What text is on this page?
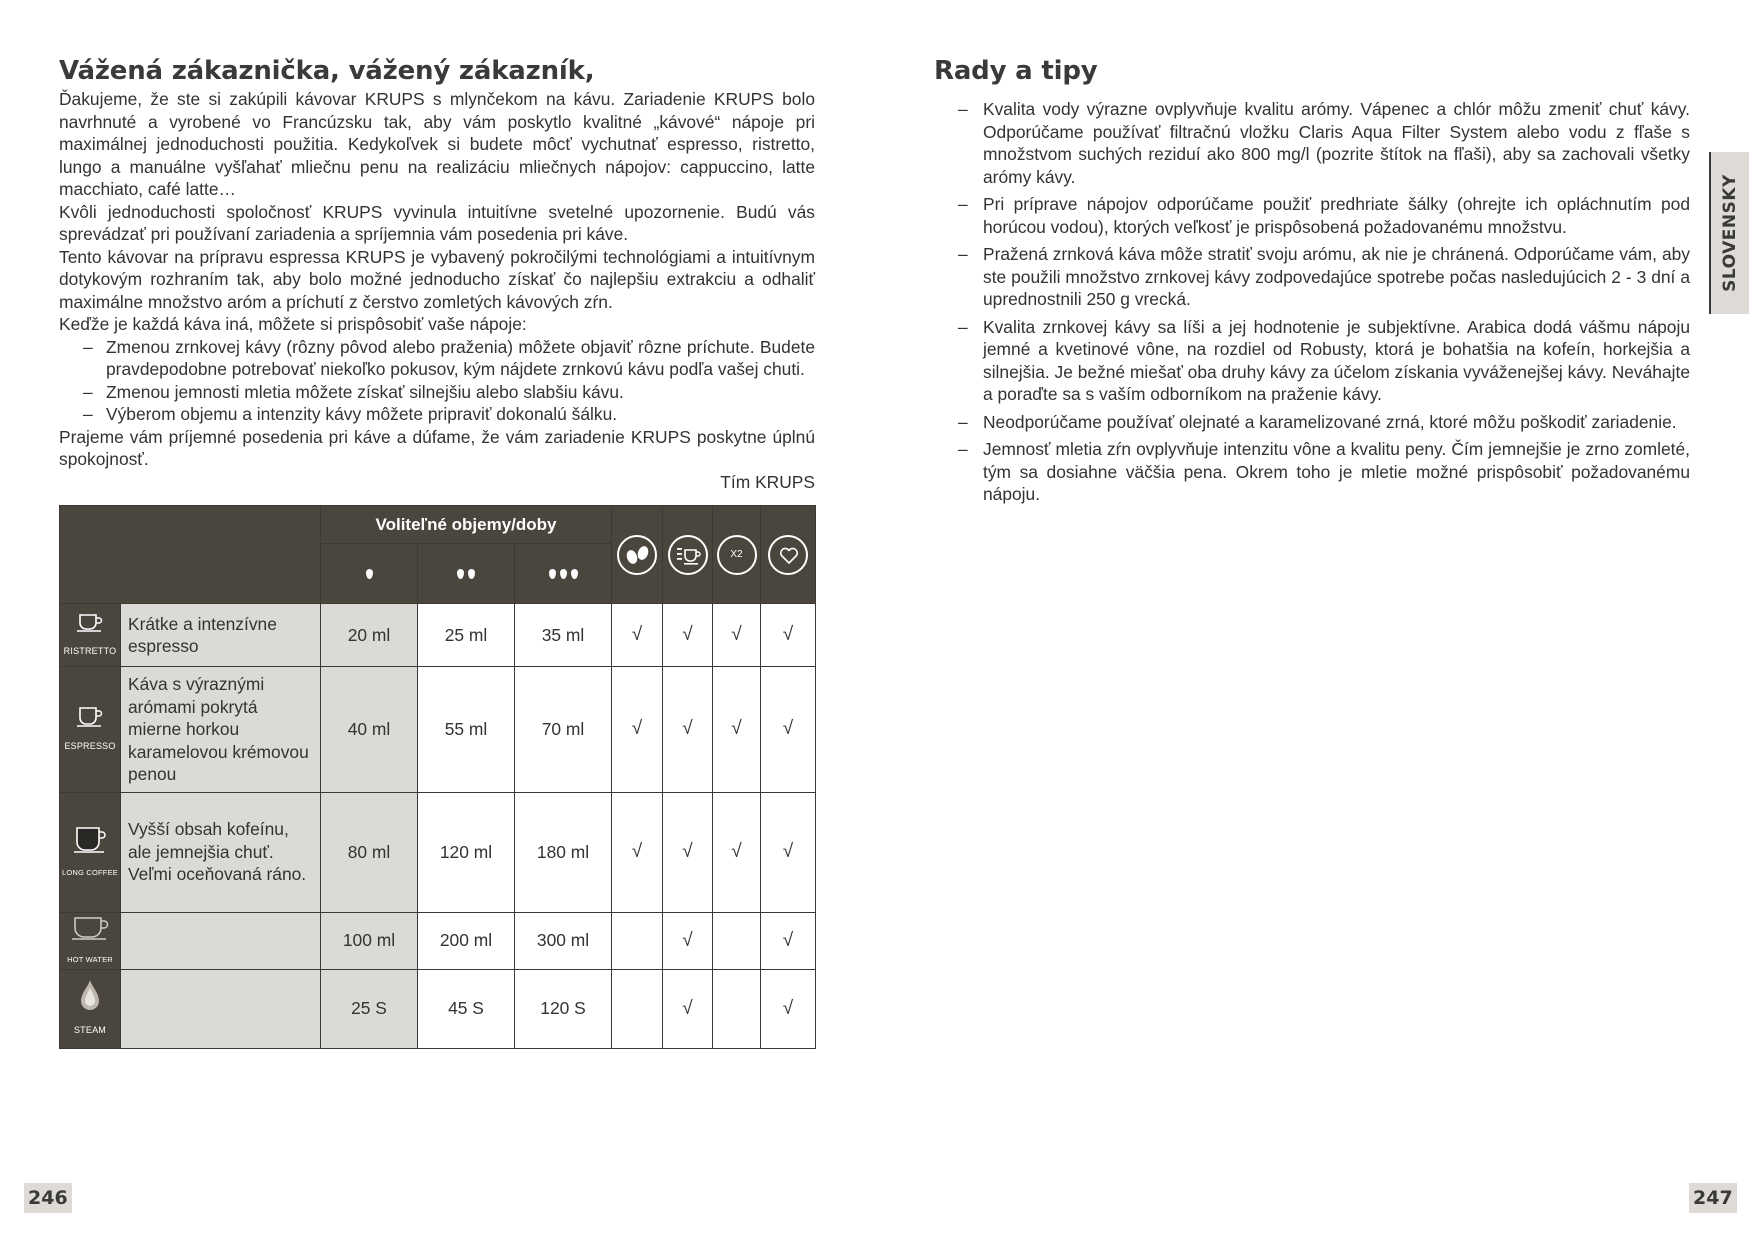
Vážená zákaznička, vážený zákazník,

Ďakujeme, že ste si zakúpili kávovar KRUPS s mlynčekom na kávu. Zariadenie KRUPS bolo navrhnuté a vyrobené vo Francúzsku tak, aby vám poskytlo kvalitné „kávové“ nápoje pri maximálnej jednoduchosti použitia. Kedykoľvek si budete môcť vychutnať espresso, ristretto, lungo a manuálne vyšľahať mliečnu penu na realizáciu mliečnych nápojov: cappuccino, latte macchiato, café latte…

Kvôli jednoduchosti spoločnosť KRUPS vyvinula intuitívne svetelné upozornenie. Budú vás sprevádzať pri používaní zariadenia a spríjemnia vám posedenia pri káve.

Tento kávovar na prípravu espressa KRUPS je vybavený pokročilými technológiami a intuitívnym dotykovým rozhraním tak, aby bolo možné jednoducho získať čo najlepšiu extrakciu a odhaliť maximálne množstvo aróm a príchutí z čerstvo zomletých kávových zŕn.

Keďže je každá káva iná, môžete si prispôsobiť vaše nápoje:

– Zmenou zrnkovej kávy (rôzny pôvod alebo praženia) môžete objaviť rôzne príchute. Budete pravdepodobne potrebovať niekoľko pokusov, kým nájdete zrnkovú kávu podľa vašej chuti.
– Zmenou jemnosti mletia môžete získať silnejšiu alebo slabšiu kávu.
– Výberom objemu a intenzity kávy môžete pripraviť dokonalú šálku.

Prajeme vám príjemné posedenia pri káve a dúfame, že vám zariadenie KRUPS poskytne úplnú spokojnosť.

Tím KRUPS

		Voliteľné objemy/doby					X2	

RISTRETTO	Krátke a intenzívne espresso	20 ml	25 ml	35 ml	√	√	√	√

ESPRESSO	Káva s výraznými arómami pokrytá mierne horkou karamelovou krémovou penou	40 ml	55 ml	70 ml	√	√	√	√

LONG COFFEE	Vyšší obsah kofeínu, ale jemnejšia chuť. Veľmi oceňovaná ráno.	80 ml	120 ml	180 ml	√	√	√	√

HOT WATER		100 ml	200 ml	300 ml		√		√

STEAM		25 S	45 S	120 S		√		√
Rady a tipy
– Kvalita vody výrazne ovplyvňuje kvalitu arómy. Vápenec a chlór môžu zmeniť chuť kávy. Odporúčame používať filtračnú vložku Claris Aqua Filter System alebo vodu z fľaše s množstvom suchých reziduí ako 800 mg/l (pozrite štítok na fľaši), aby sa zachovali všetky arómy kávy.
– Pri príprave nápojov odporúčame použiť predhriate šálky (ohrejte ich opláchnutím pod horúcou vodou), ktorých veľkosť je prispôsobená požadovanému množstvu.
– Pražená zrnková káva môže stratiť svoju arómu, ak nie je chránená. Odporúčame vám, aby ste použili množstvo zrnkovej kávy zodpovedajúce spotrebe počas nasledujúcich 2 - 3 dní a uprednostnili 250 g vrecká.
– Kvalita zrnkovej kávy sa líši a jej hodnotenie je subjektívne. Arabica dodá vášmu nápoju jemné a kvetinové vône, na rozdiel od Robusty, ktorá je bohatšia na kofeín, horkejšia a silnejšia. Je bežné miešať oba druhy kávy za účelom získania vyváženejšej kávy. Neváhajte a poraďte sa s vaším odborníkom na praženie kávy.
– Neodporúčame používať olejnaté a karamelizované zrná, ktoré môžu poškodiť zariadenie.
– Jemnosť mletia zŕn ovplyvňuje intenzitu vône a kvalitu peny. Čím jemnejšie je zrno zomleté, tým sa dosiahne väčšia pena. Okrem toho je mletie možné prispôsobiť požadovanému nápoju.
SLOVENSKY
246	247
